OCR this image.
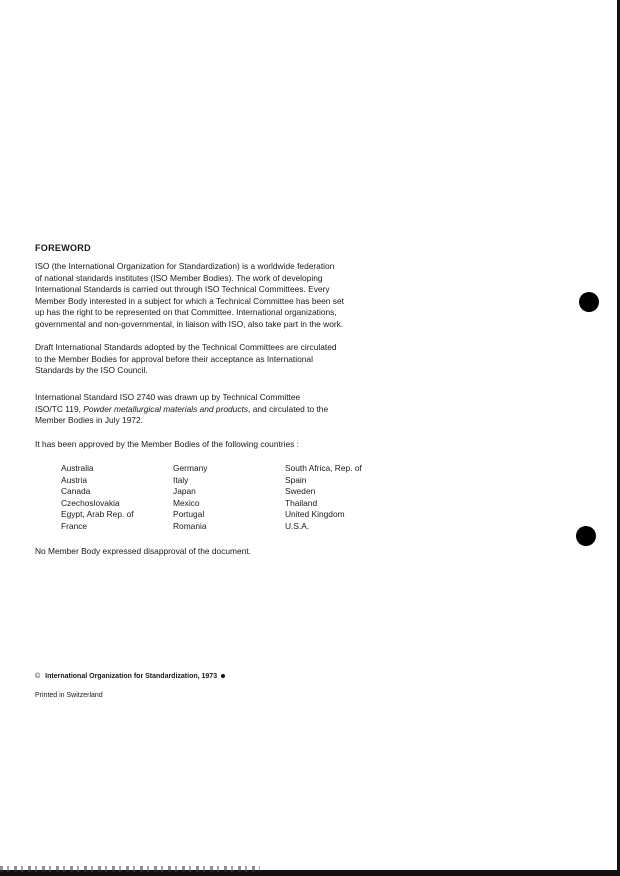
FOREWORD
ISO (the International Organization for Standardization) is a worldwide federation
of national standards institutes (ISO Member Bodies). The work of developing
International Standards is carried out through ISO Technical Committees. Every
Member Body interested in a subject for which a Technical Committee has been set
up has the right to be represented on that Committee. International organizations,
governmental and non-governmental, in liaison with ISO, also take part in the work.
Draft International Standards adopted by the Technical Committees are circulated
to the Member Bodies for approval before their acceptance as International
Standards by the ISO Council.
International Standard ISO 2740 was drawn up by Technical Committee
ISO/TC 119, Powder metallurgical materials and products, and circulated to the
Member Bodies in July 1972.
It has been approved by the Member Bodies of the following countries :
Australia
Austria
Canada
Czechoslovakia
Egypt, Arab Rep. of
France
Germany
Italy
Japan
Mexico
Portugal
Romania
South Africa, Rep. of
Spain
Sweden
Thailand
United Kingdom
U.S.A.
No Member Body expressed disapproval of the document.
© International Organization for Standardization, 1973
Printed in Switzerland
